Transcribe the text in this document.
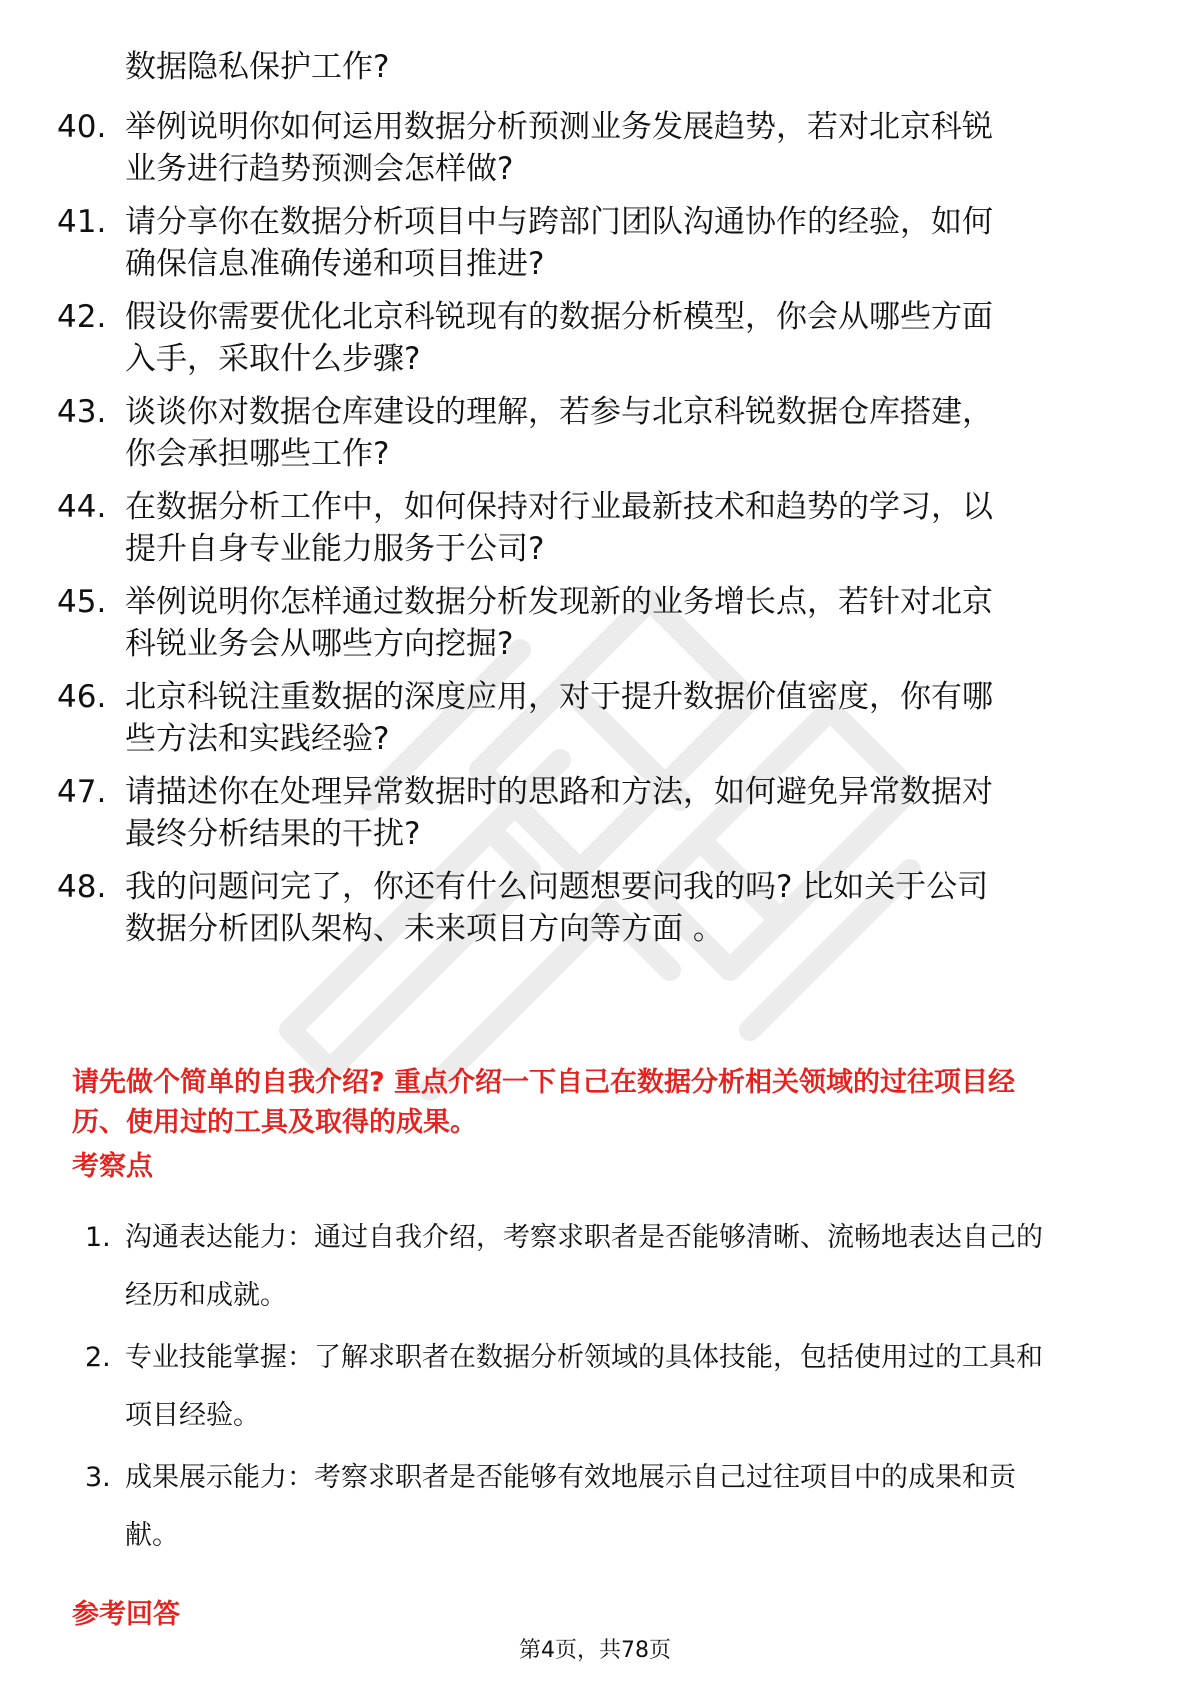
数据隐私保护工作?
40. 举例说明你如何运用数据分析预测业务发展趋势，若对北京科锐
业务进行趋势预测会怎样做?
41. 请分享你在数据分析项目中与跨部门团队沟通协作的经验，如何
确保信息准确传递和项目推进?
42. 假设你需要优化北京科锐现有的数据分析模型，你会从哪些方面
入手，采取什么步骤?
43. 谈谈你对数据仓库建设的理解，若参与北京科锐数据仓库搭建，
你会承担哪些工作?
44. 在数据分析工作中，如何保持对行业最新技术和趋势的学习，以
提升自身专业能力服务于公司?
45. 举例说明你怎样通过数据分析发现新的业务增长点，若针对北京
科锐业务会从哪些方向挖掘?
46. 北京科锐注重数据的深度应用，对于提升数据价值密度，你有哪
些方法和实践经验?
47. 请描述你在处理异常数据时的思路和方法，如何避免异常数据对
最终分析结果的干扰?
48. 我的问题问完了，你还有什么问题想要问我的吗? 比如关于公司
数据分析团队架构、未来项目方向等方面 。
请先做个简单的自我介绍? 重点介绍一下自己在数据分析相关领域的过往项目经
历、使用过的工具及取得的成果。
考察点
1. 沟通表达能力：通过自我介绍，考察求职者是否能够清晰、流畅地表达自己的
经历和成就。
2. 专业技能掌握：了解求职者在数据分析领域的具体技能，包括使用过的工具和
项目经验。
3. 成果展示能力：考察求职者是否能够有效地展示自己过往项目中的成果和贡
献。
参考回答
第4页，共78页
